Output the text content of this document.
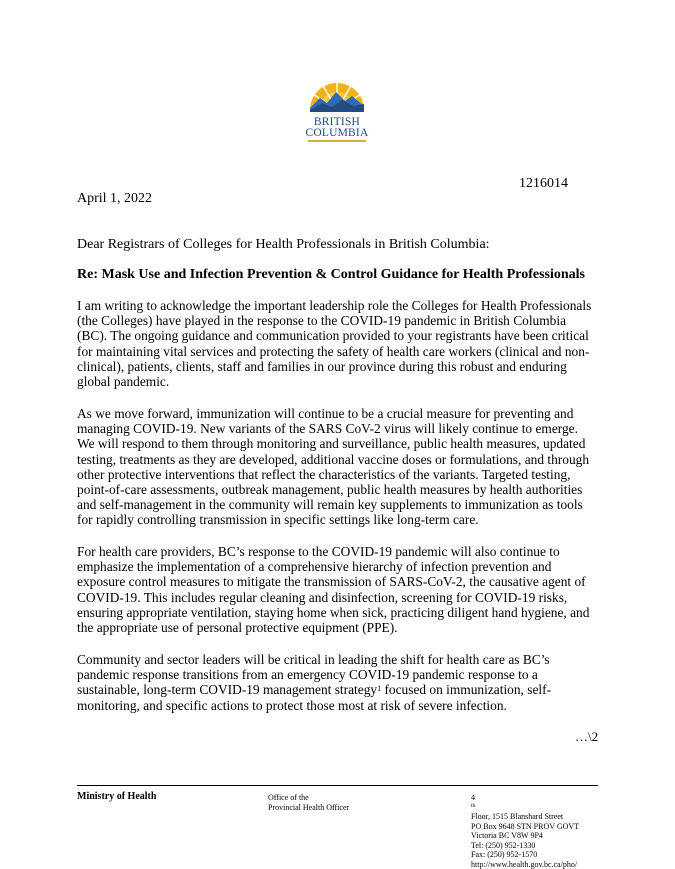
BRITISH
COLUMBIA
1216014
April 1, 2022
Dear Registrars of Colleges for Health Professionals in British Columbia:
Re: Mask Use and Infection Prevention & Control Guidance for Health Professionals
I am writing to acknowledge the important leadership role the Colleges for Health Professionals
(the Colleges) have played in the response to the COVID-19 pandemic in British Columbia
(BC). The ongoing guidance and communication provided to your registrants have been critical
for maintaining vital services and protecting the safety of health care workers (clinical and non-
clinical), patients, clients, staff and families in our province during this robust and enduring
global pandemic.
As we move forward, immunization will continue to be a crucial measure for preventing and
managing COVID-19. New variants of the SARS CoV-2 virus will likely continue to emerge.
We will respond to them through monitoring and surveillance, public health measures, updated
testing, treatments as they are developed, additional vaccine doses or formulations, and through
other protective interventions that reflect the characteristics of the variants. Targeted testing,
point-of-care assessments, outbreak management, public health measures by health authorities
and self-management in the community will remain key supplements to immunization as tools
for rapidly controlling transmission in specific settings like long-term care.
For health care providers, BC’s response to the COVID-19 pandemic will also continue to
emphasize the implementation of a comprehensive hierarchy of infection prevention and
exposure control measures to mitigate the transmission of SARS-CoV-2, the causative agent of
COVID-19. This includes regular cleaning and disinfection, screening for COVID-19 risks,
ensuring appropriate ventilation, staying home when sick, practicing diligent hand hygiene, and
the appropriate use of personal protective equipment (PPE).
Community and sector leaders will be critical in leading the shift for health care as BC’s
pandemic response transitions from an emergency COVID-19 pandemic response to a
sustainable, long-term COVID-19 management strategy$^1$ focused on immunization, self-
monitoring, and specific actions to protect those most at risk of severe infection.
…\2
Ministry of Health	Office of the
Provincial Health Officer
4
$^{th}$
Floor, 1515 Blanshard Street
PO Box 9648 STN PROV GOVT
Victoria BC V8W 9P4
Tel: (250) 952-1330
Fax: (250) 952-1570
http://www.health.gov.bc.ca/pho/
